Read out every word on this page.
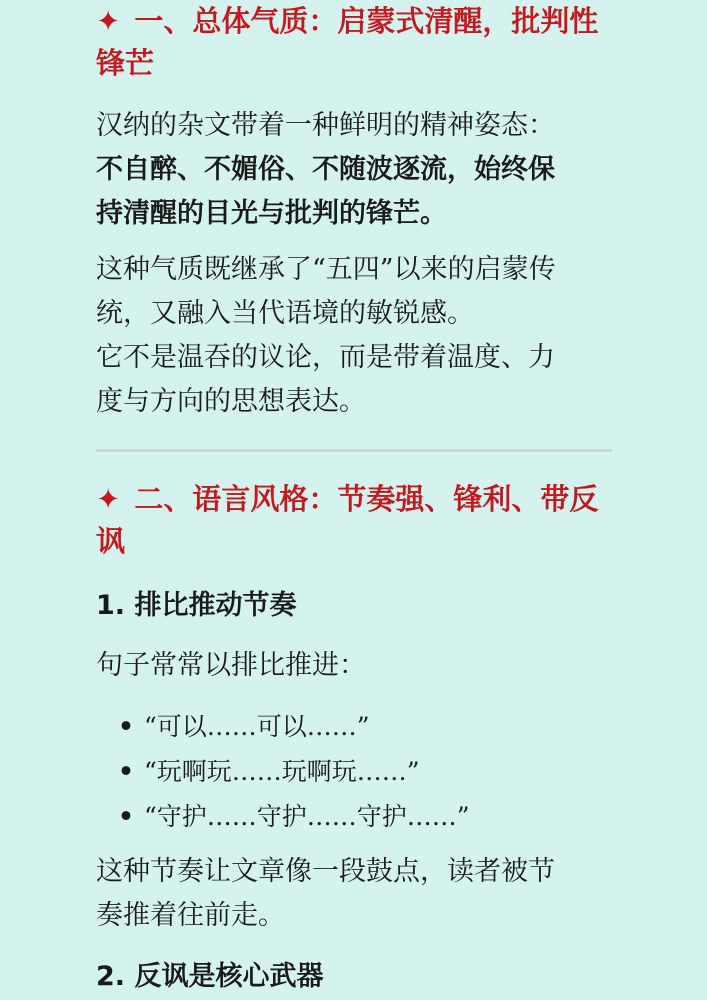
✦ 一、总体气质：启蒙式清醒，批判性
锋芒
汉纳的杂文带着一种鲜明的精神姿态：
不自醉、不媚俗、不随波逐流，始终保
持清醒的目光与批判的锋芒。
这种气质既继承了“五四”以来的启蒙传
统，又融入当代语境的敏锐感。
它不是温吞的议论，而是带着温度、力
度与方向的思想表达。
✦ 二、语言风格：节奏强、锋利、带反
讽
1. 排比推动节奏
句子常常以排比推进：
• “可以……可以……”
• “玩啊玩……玩啊玩……”
• “守护……守护……守护……”
这种节奏让文章像一段鼓点，读者被节
奏推着往前走。
2. 反讽是核心武器
